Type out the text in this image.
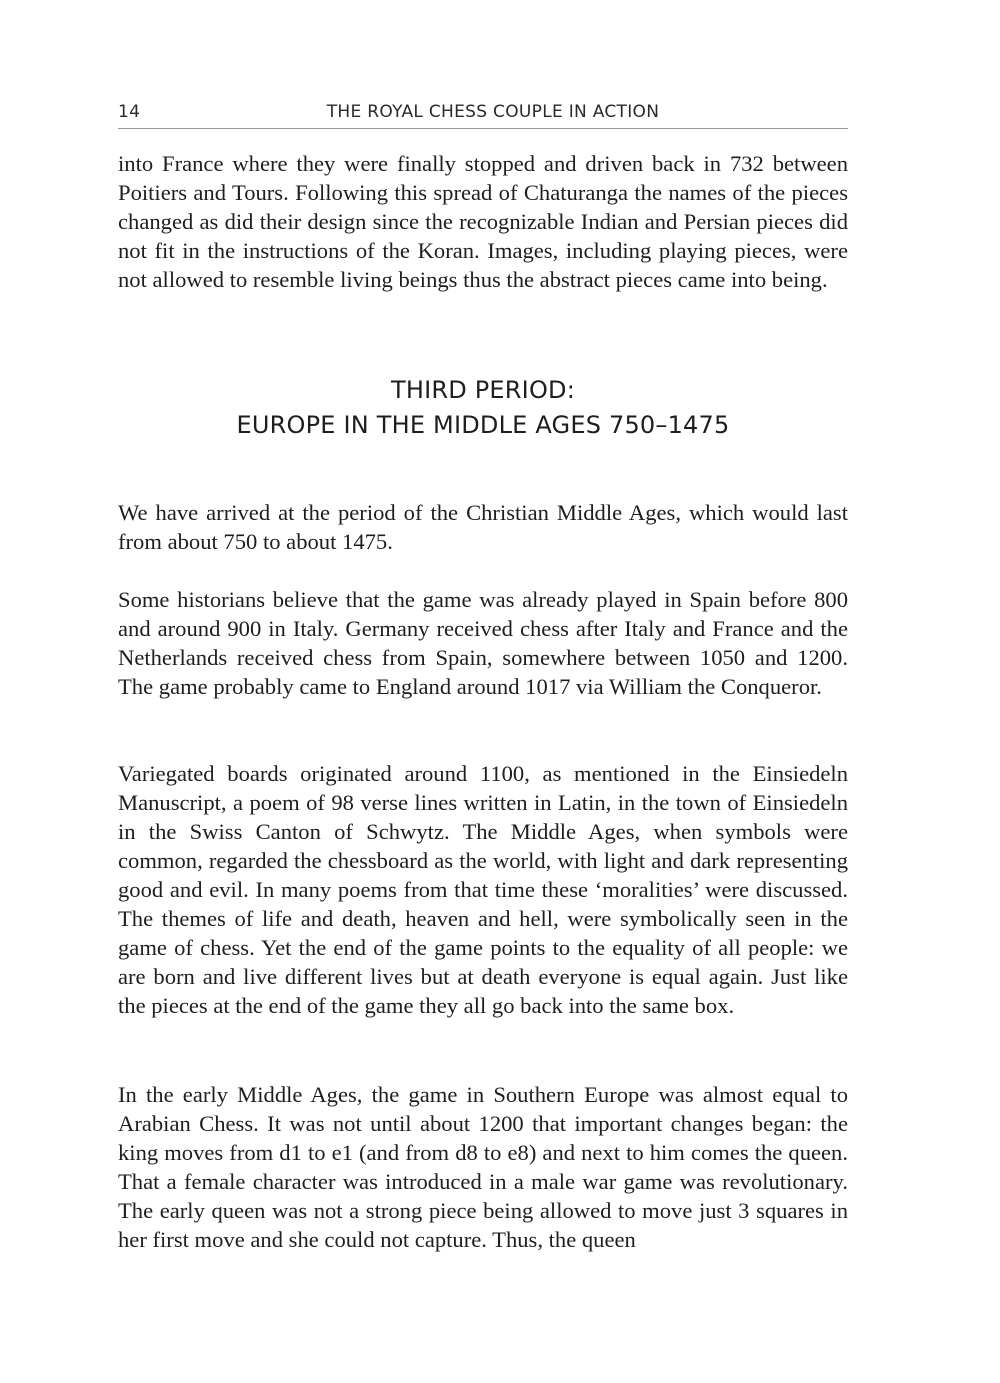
14	THE ROYAL CHESS COUPLE IN ACTION

into France where they were finally stopped and driven back in 732 between Poitiers and Tours. Following this spread of Chaturanga the names of the pieces changed as did their design since the recognizable Indian and Persian pieces did not fit in the instructions of the Koran. Images, including playing pieces, were not allowed to resemble living beings thus the abstract pieces came into being.

THIRD PERIOD:
EUROPE IN THE MIDDLE AGES 750–1475

We have arrived at the period of the Christian Middle Ages, which would last from about 750 to about 1475.

Some historians believe that the game was already played in Spain before 800 and around 900 in Italy. Germany received chess after Italy and France and the Netherlands received chess from Spain, somewhere between 1050 and 1200. The game probably came to England around 1017 via William the Conqueror.

Variegated boards originated around 1100, as mentioned in the Einsiedeln Manuscript, a poem of 98 verse lines written in Latin, in the town of Einsiedeln in the Swiss Canton of Schwytz. The Middle Ages, when symbols were common, regarded the chessboard as the world, with light and dark representing good and evil. In many poems from that time these ‘moralities’ were discussed. The themes of life and death, heaven and hell, were symbolically seen in the game of chess. Yet the end of the game points to the equality of all people: we are born and live different lives but at death everyone is equal again. Just like the pieces at the end of the game they all go back into the same box.

In the early Middle Ages, the game in Southern Europe was almost equal to Arabian Chess. It was not until about 1200 that important changes began: the king moves from d1 to e1 (and from d8 to e8) and next to him comes the queen. That a female character was introduced in a male war game was revolutionary. The early queen was not a strong piece being allowed to move just 3 squares in her first move and she could not capture. Thus, the queen
